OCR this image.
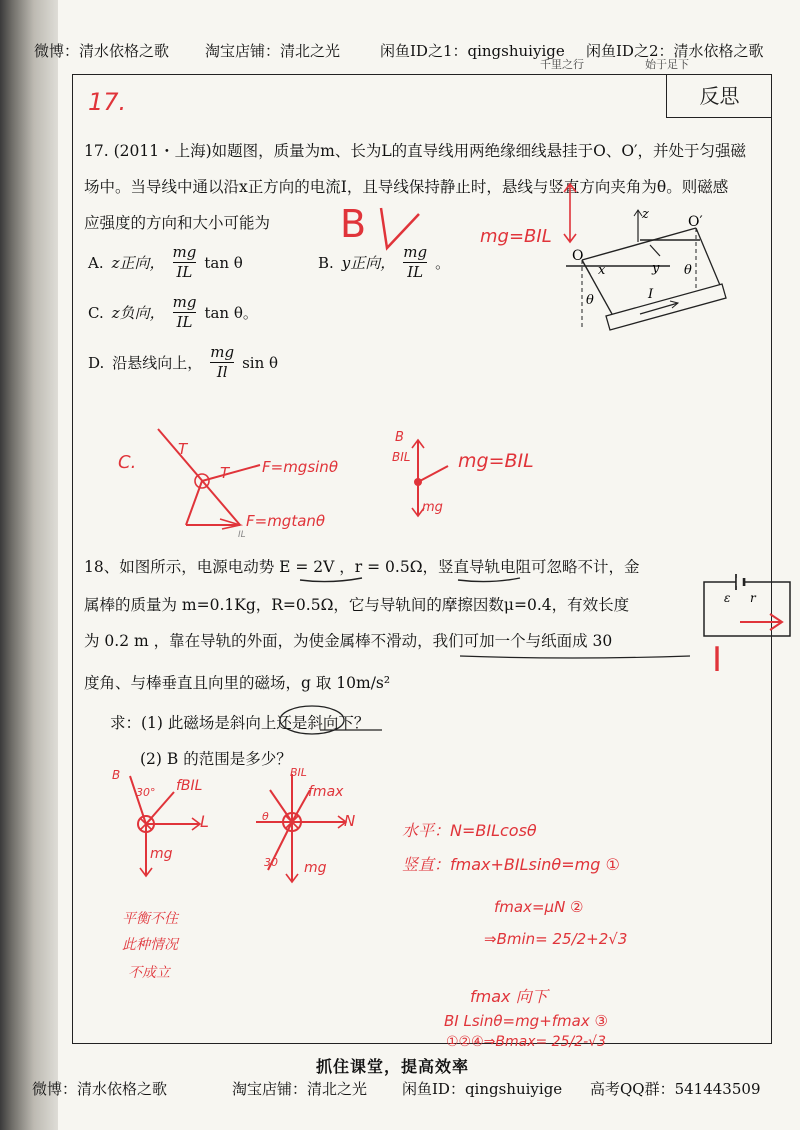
微博：清水依格之歌 淘宝店铺：清北之光	闲鱼ID之1：qingshuiyige 闲鱼ID之2：清水依格之歌
千里之行	始于足下
反思
17.
17. (2011・上海)如题图，质量为m、长为L的直导线用两绝缘细线悬挂于O、O′，并处于匀强磁
场中。当导线中通以沿x正方向的电流I，且导线保持静止时，悬线与竖直方向夹角为θ。则磁感
应强度的方向和大小可能为
A. z正向， $\frac{mg}{IL}$ tan θ	B. y正向， $\frac{mg}{IL}$ 。
C. z负向， $\frac{mg}{IL}$ tan θ。
D. 沿悬线向上， $\frac{mg}{Il}$ sin θ
B	mg=BIL
z
O
O′
x	y
θ
θ
I
C.
T
T F=mgsinθ
F=mgtanθ
IL
B
BIL
mg
mg=BIL
18、如图所示，电源电动势 E = 2V ，r = 0.5Ω，竖直导轨电阻可忽略不计，金
属棒的质量为 m=0.1Kg，R=0.5Ω，它与导轨间的摩擦因数μ=0.4，有效长度
为 0.2 m ，靠在导轨的外面，为使金属棒不滑动，我们可加一个与纸面成 30
度角、与棒垂直且向里的磁场，g 取 10m/s²
求：(1) 此磁场是斜向上还是斜向下？
(2) B 的范围是多少？
ε r
I
B
30° fBIL
L
mg
平衡不住
此种情况
不成立
BIL
fmax
N
mg
θ
30
水平：N=BILcosθ
竖直：fmax+BILsinθ=mg ①
fmax=μN ②
⇒Bmin= 25/2+2√3
fmax 向下
BI Lsinθ=mg+fmax ③
①②④⇒Bmax= 25/2-√3
抓住课堂，提高效率
微博：清水依格之歌	淘宝店铺：清北之光 闲鱼ID：qingshuiyige 高考QQ群：541443509
